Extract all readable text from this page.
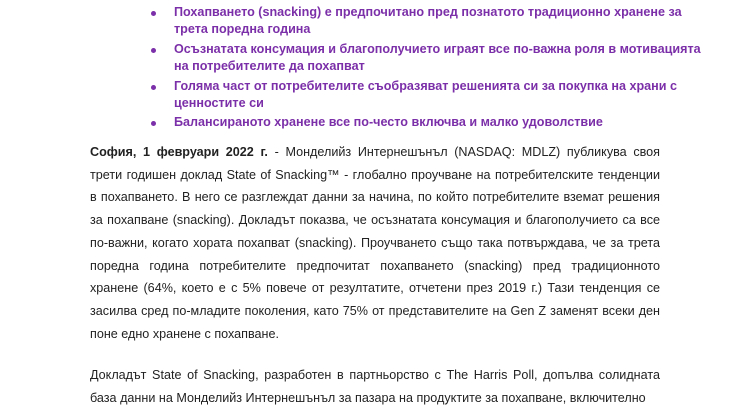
Похапването (snacking) е предпочитано пред познатото традиционно хранене за трета поредна година
Осъзнатата консумация и благополучието играят все по-важна роля в мотивацията на потребителите да похапват
Голяма част от потребителите съобразяват решенията си за покупка на храни с ценностите си
Балансираното хранене все по-често включва и малко удоволствие

София, 1 февруари 2022 г. - Монделийз Интернешънъл (NASDAQ: MDLZ) публикува своя трети годишен доклад State of Snacking™ - глобално проучване на потребителските тенденции в похапването. В него се разглеждат данни за начина, по който потребителите вземат решения за похапване (snacking). Докладът показва, че осъзнатата консумация и благополучието са все по-важни, когато хората похапват (snacking). Проучването също така потвърждава, че за трета поредна година потребителите предпочитат похапването (snacking) пред традиционното хранене (64%, което е с 5% повече от резултатите, отчетени през 2019 г.) Тази тенденция се засилва сред по-младите поколения, като 75% от представителите на Gen Z заменят всеки ден поне едно хранене с похапване.

Докладът State of Snacking, разработен в партньорство с The Harris Poll, допълва солидната база данни на Монделийз Интернешънъл за пазара на продуктите за похапване, включително
